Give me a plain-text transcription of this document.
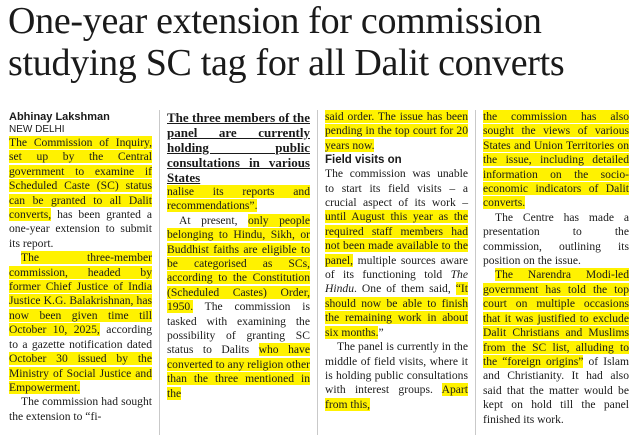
One-year extension for commission studying SC tag for all Dalit converts

Abhinay Lakshman

NEW DELHI

The Commission of Inquiry, set up by the Central government to examine if Scheduled Caste (SC) status can be granted to all Dalit converts, has been granted a one-year extension to submit its report.

The three-member commission, headed by former Chief Justice of India Justice K.G. Balakrishnan, has now been given time till October 10, 2025, according to a gazette notification dated October 30 issued by the Ministry of Social Justice and Empowerment.

The commission had sought the extension to “fi-

The three members of the panel are currently holding public consultations in various States

nalise its reports and recommendations”.

At present, only people belonging to Hindu, Sikh, or Buddhist faiths are eligible to be categorised as SCs, according to the Constitution (Scheduled Castes) Order, 1950. The commission is tasked with examining the possibility of granting SC status to Dalits who have converted to any religion other than the three mentioned in the

said order. The issue has been pending in the top court for 20 years now.

Field visits on

The commission was unable to start its field visits – a crucial aspect of its work – until August this year as the required staff members had not been made available to the panel, multiple sources aware of its functioning told The Hindu. One of them said, “It should now be able to finish the remaining work in about six months.”

The panel is currently in the middle of field visits, where it is holding public consultations with interest groups. Apart from this,

the commission has also sought the views of various States and Union Territories on the issue, including detailed information on the socio-economic indicators of Dalit converts.

The Centre has made a presentation to the commission, outlining its position on the issue.

The Narendra Modi-led government has told the top court on multiple occasions that it was justified to exclude Dalit Christians and Muslims from the SC list, alluding to the “foreign origins” of Islam and Christianity. It had also said that the matter would be kept on hold till the panel finished its work.
